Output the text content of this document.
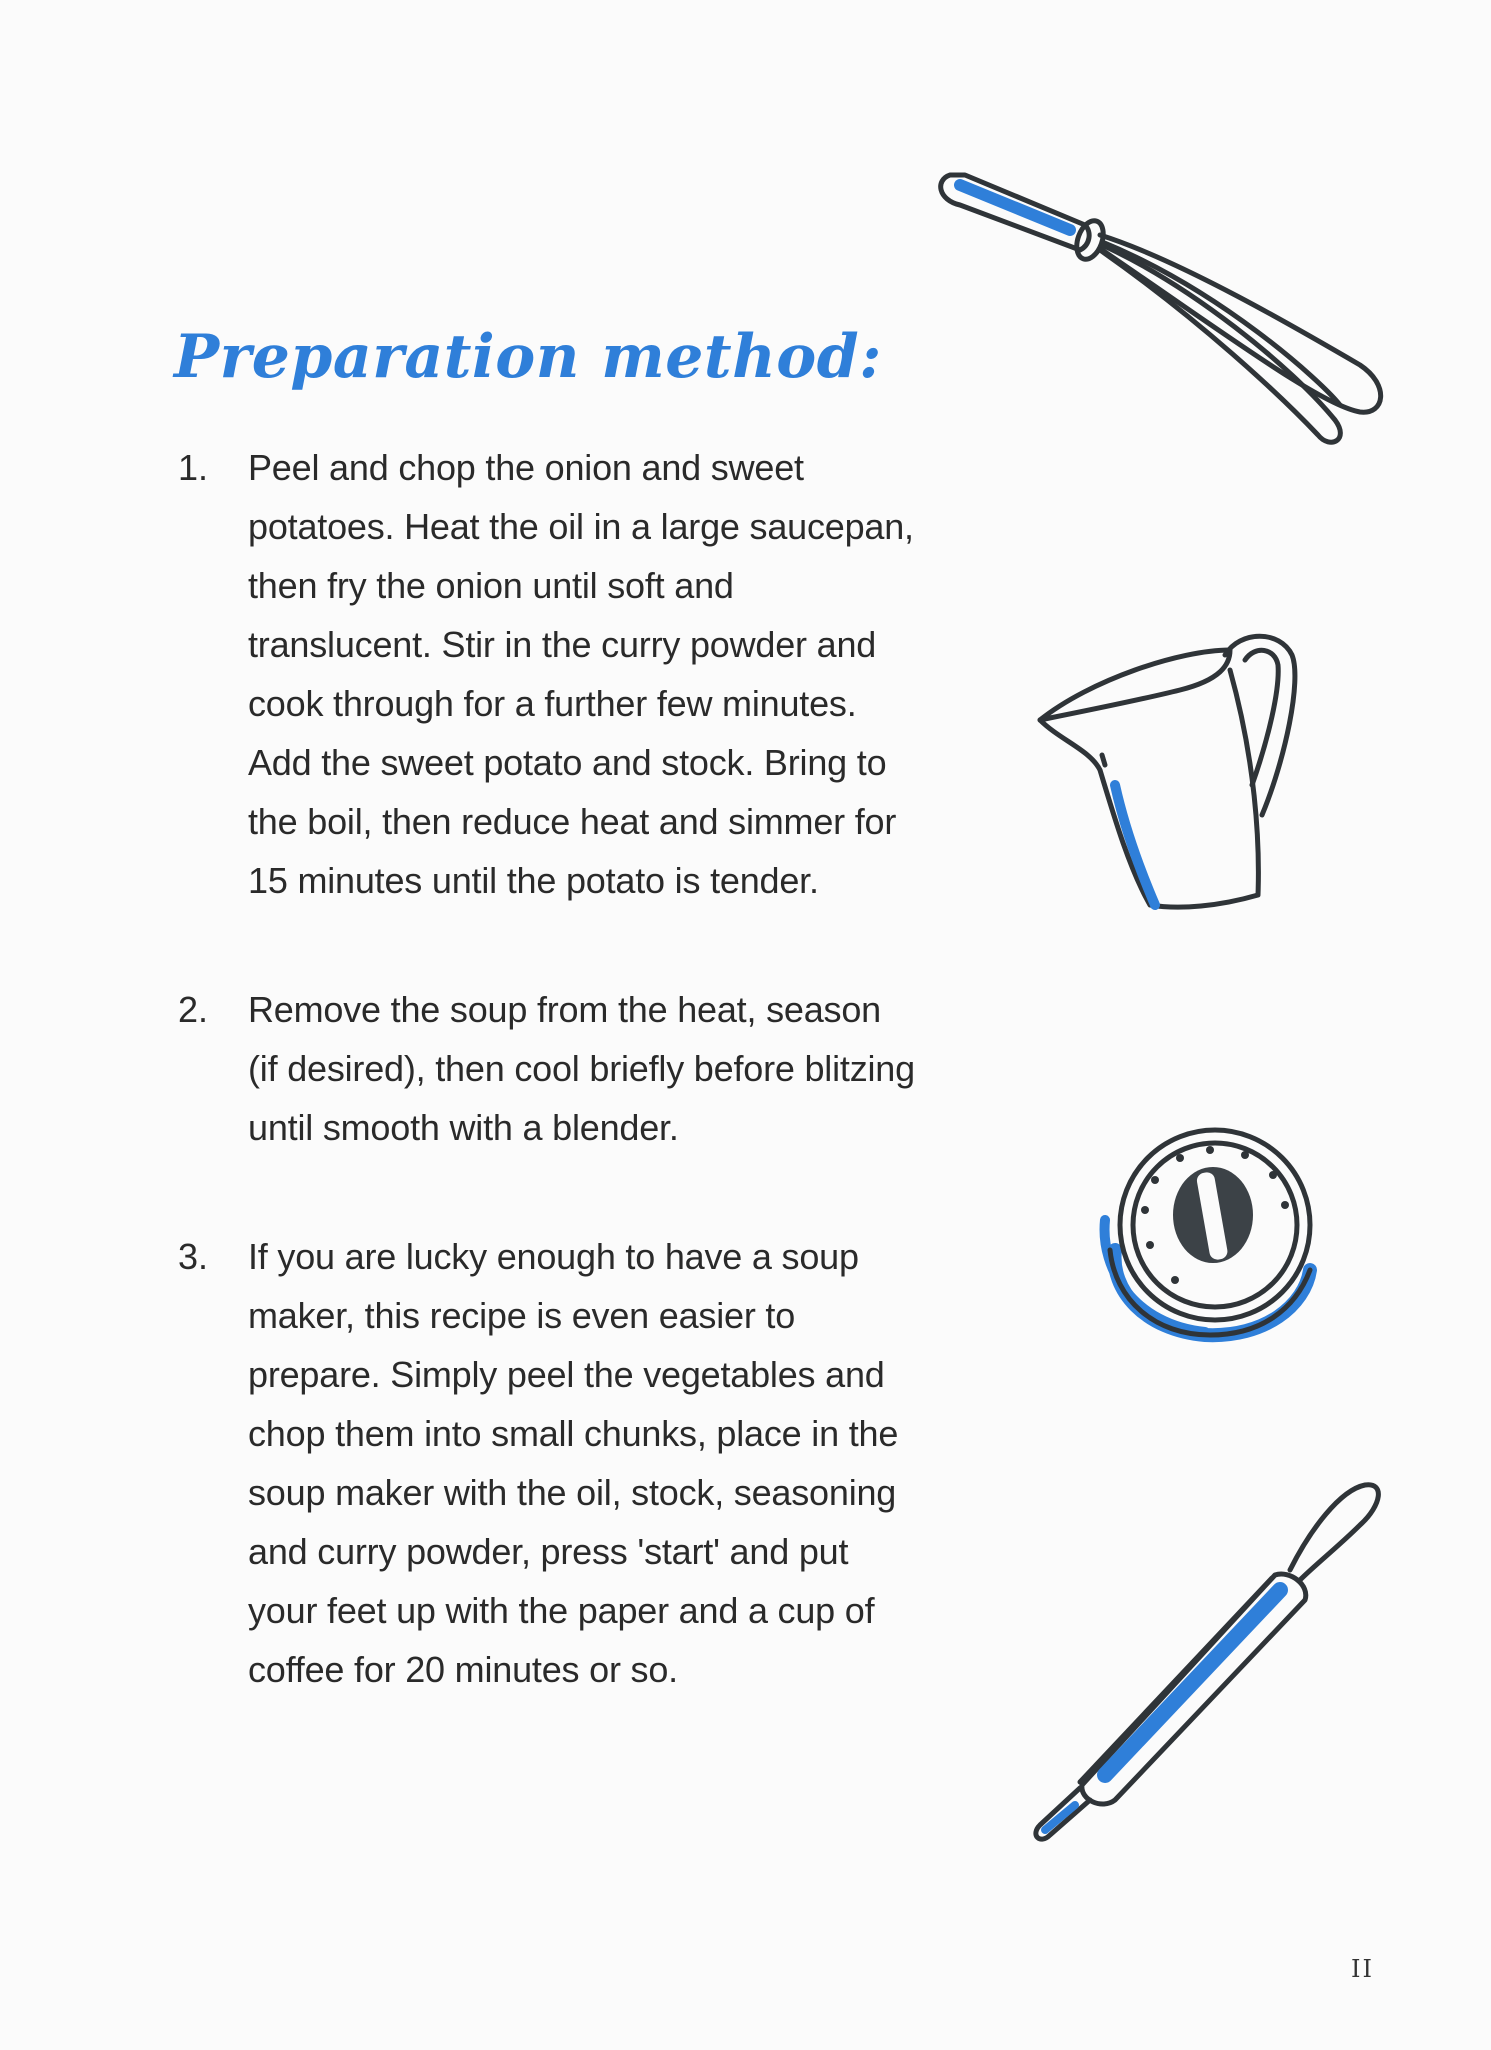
Preparation method:
1. Peel and chop the onion and sweet
potatoes. Heat the oil in a large saucepan,
then fry the onion until soft and
translucent. Stir in the curry powder and
cook through for a further few minutes.
Add the sweet potato and stock. Bring to
the boil, then reduce heat and simmer for
15 minutes until the potato is tender.

2. Remove the soup from the heat, season
(if desired), then cool briefly before blitzing
until smooth with a blender.

3. If you are lucky enough to have a soup
maker, this recipe is even easier to
prepare. Simply peel the vegetables and
chop them into small chunks, place in the
soup maker with the oil, stock, seasoning
and curry powder, press 'start' and put
your feet up with the paper and a cup of
coffee for 20 minutes or so.

II
